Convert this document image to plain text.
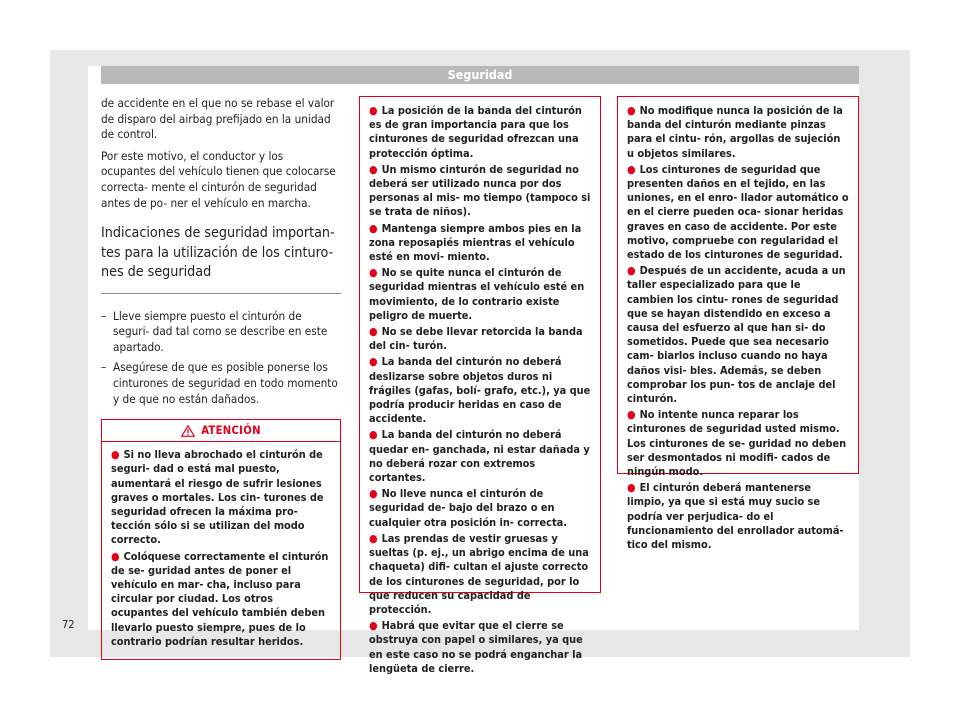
Seguridad

de accidente en el que no se rebase el valor de disparo del airbag prefijado en la unidad de control.

Por este motivo, el conductor y los ocupantes del vehículo tienen que colocarse correcta- mente el cinturón de seguridad antes de po- ner el vehículo en marcha.

Indicaciones de seguridad importan- tes para la utilización de los cinturo- nes de seguridad
– Lleve siempre puesto el cinturón de seguri- dad tal como se describe en este apartado.
– Asegúrese de que es posible ponerse los cinturones de seguridad en todo momento y de que no están dañados.
ATENCIÓN
● Si no lleva abrochado el cinturón de seguri- dad o está mal puesto, aumentará el riesgo de sufrir lesiones graves o mortales. Los cin- turones de seguridad ofrecen la máxima pro- tección sólo si se utilizan del modo correcto.
● Colóquese correctamente el cinturón de se- guridad antes de poner el vehículo en mar- cha, incluso para circular por ciudad. Los otros ocupantes del vehículo también deben llevarlo puesto siempre, pues de lo contrario podrían resultar heridos.
● La posición de la banda del cinturón es de gran importancia para que los cinturones de seguridad ofrezcan una protección óptima.
● Un mismo cinturón de seguridad no deberá ser utilizado nunca por dos personas al mis- mo tiempo (tampoco si se trata de niños).
● Mantenga siempre ambos pies en la zona reposapiés mientras el vehículo esté en movi- miento.
● No se quite nunca el cinturón de seguridad mientras el vehículo esté en movimiento, de lo contrario existe peligro de muerte.
● No se debe llevar retorcida la banda del cin- turón.
● La banda del cinturón no deberá deslizarse sobre objetos duros ni frágiles (gafas, bolí- grafo, etc.), ya que podría producir heridas en caso de accidente.
● La banda del cinturón no deberá quedar en- ganchada, ni estar dañada y no deberá rozar con extremos cortantes.
● No lleve nunca el cinturón de seguridad de- bajo del brazo o en cualquier otra posición in- correcta.
● Las prendas de vestir gruesas y sueltas (p. ej., un abrigo encima de una chaqueta) difi- cultan el ajuste correcto de los cinturones de seguridad, por lo que reducen su capacidad de protección.
● Habrá que evitar que el cierre se obstruya con papel o similares, ya que en este caso no se podrá enganchar la lengüeta de cierre.
● No modifique nunca la posición de la banda del cinturón mediante pinzas para el cintu- rón, argollas de sujeción u objetos similares.
● Los cinturones de seguridad que presenten daños en el tejido, en las uniones, en el enro- llador automático o en el cierre pueden oca- sionar heridas graves en caso de accidente. Por este motivo, compruebe con regularidad el estado de los cinturones de seguridad.
● Después de un accidente, acuda a un taller especializado para que le cambien los cintu- rones de seguridad que se hayan distendido en exceso a causa del esfuerzo al que han si- do sometidos. Puede que sea necesario cam- biarlos incluso cuando no haya daños visi- bles. Además, se deben comprobar los pun- tos de anclaje del cinturón.
● No intente nunca reparar los cinturones de seguridad usted mismo. Los cinturones de se- guridad no deben ser desmontados ni modifi- cados de ningún modo.
● El cinturón deberá mantenerse limpio, ya que si está muy sucio se podría ver perjudica- do el funcionamiento del enrollador automá- tico del mismo.
72
